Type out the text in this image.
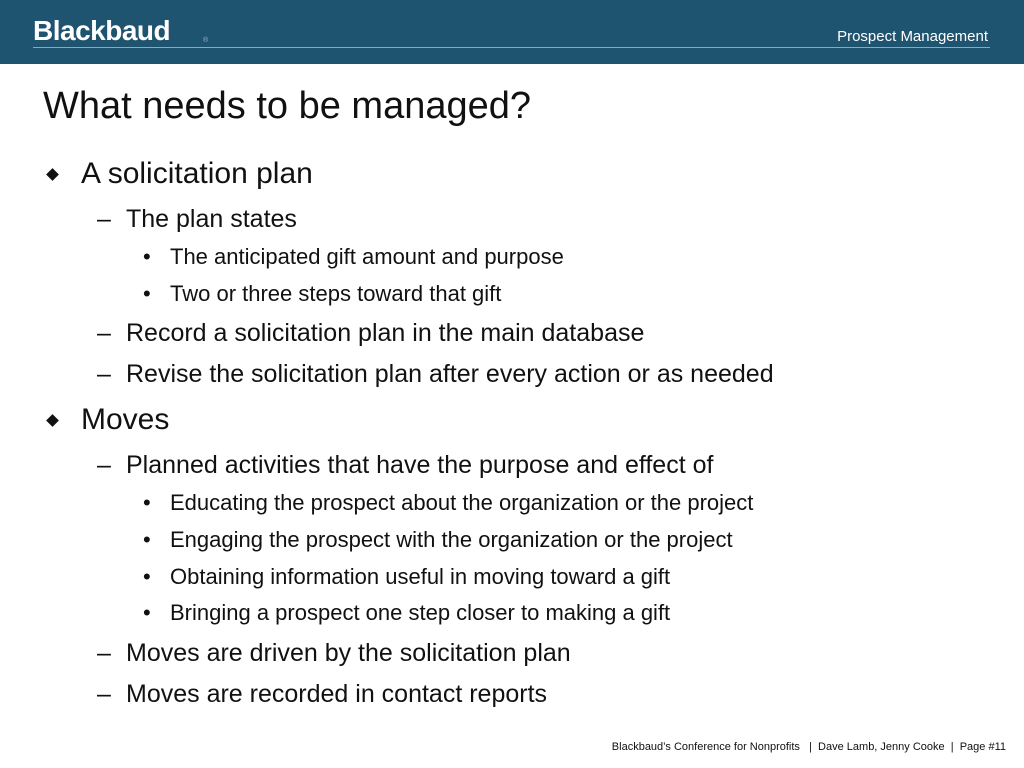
Blackbaud	®	Prospect Management
What needs to be managed?
A solicitation plan
– The plan states
• The anticipated gift amount and purpose
• Two or three steps toward that gift
– Record a solicitation plan in the main database
– Revise the solicitation plan after every action or as needed
Moves
– Planned activities that have the purpose and effect of
• Educating the prospect about the organization or the project
• Engaging the prospect with the organization or the project
• Obtaining information useful in moving toward a gift
• Bringing a prospect one step closer to making a gift
– Moves are driven by the solicitation plan
– Moves are recorded in contact reports
Blackbaud’s Conference for Nonprofits   |  Dave Lamb, Jenny Cooke  |  Page #11
